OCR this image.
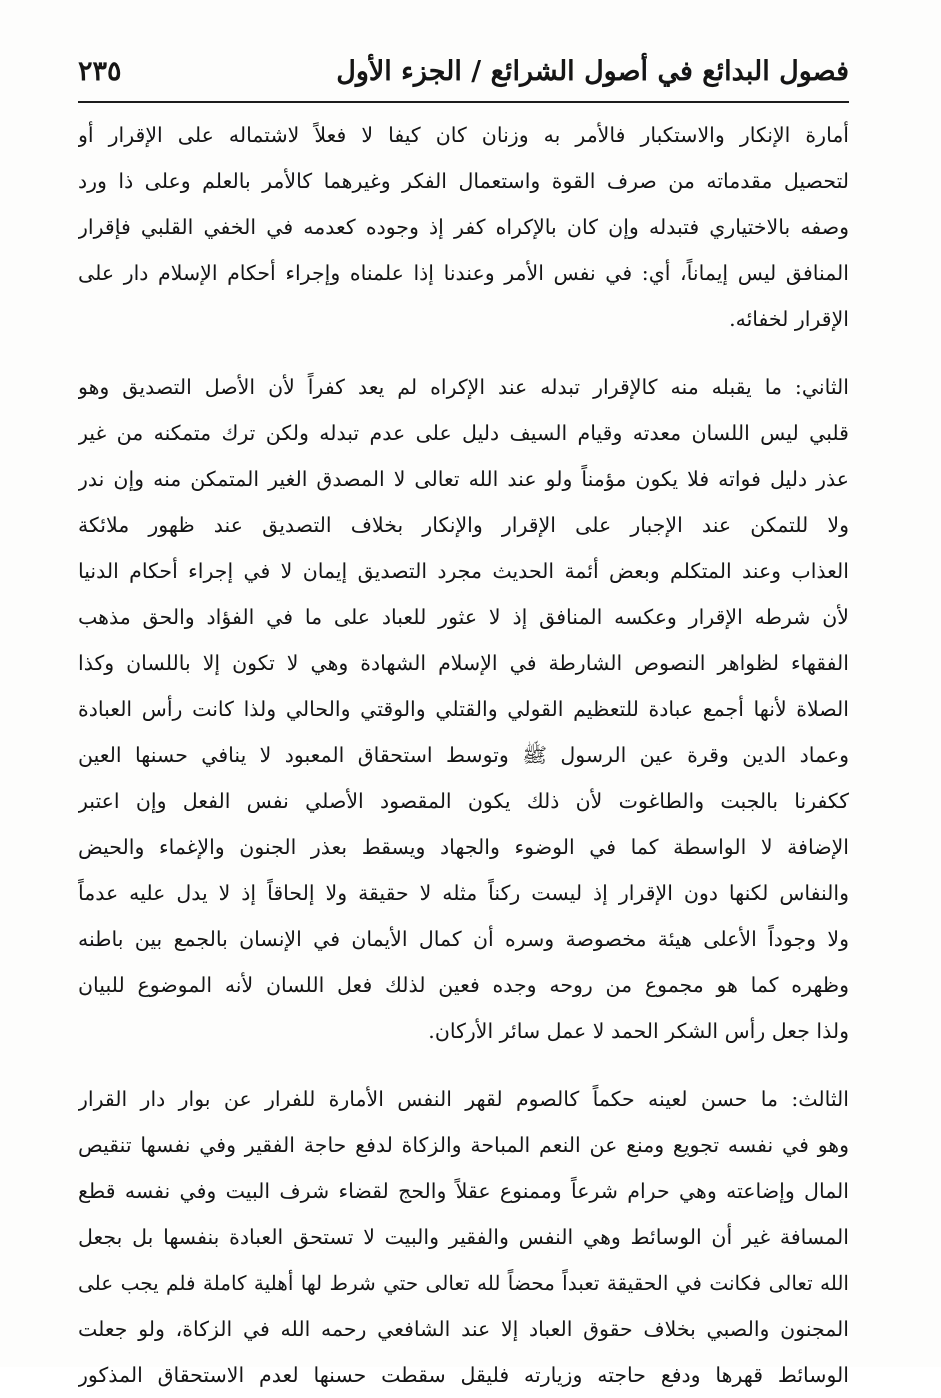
فصول البدائع في أصول الشرائع / الجزء الأول
٢٣٥
أمارة الإنكار والاستكبار فالأمر به وزنان كان كيفا لا فعلاً لاشتماله على الإقرار أو
لتحصيل مقدماته من صرف القوة واستعمال الفكر وغيرهما كالأمر بالعلم وعلى ذا ورد
وصفه بالاختياري فتبدله وإن كان بالإكراه كفر إذ وجوده كعدمه في الخفي القلبي فإقرار
المنافق ليس إيماناً، أي: في نفس الأمر وعندنا إذا علمناه وإجراء أحكام الإسلام دار على
الإقرار لخفائه.
الثاني: ما يقبله منه كالإقرار تبدله عند الإكراه لم يعد كفراً لأن الأصل التصديق وهو
قلبي ليس اللسان معدته وقيام السيف دليل على عدم تبدله ولكن ترك متمكنه من غير
عذر دليل فواته فلا يكون مؤمناً ولو عند الله تعالى لا المصدق الغير المتمكن منه وإن ندر
ولا للتمكن عند الإجبار على الإقرار والإنكار بخلاف التصديق عند ظهور ملائكة
العذاب وعند المتكلم وبعض أئمة الحديث مجرد التصديق إيمان لا في إجراء أحكام الدنيا
لأن شرطه الإقرار وعكسه المنافق إذ لا عثور للعباد على ما في الفؤاد والحق مذهب
الفقهاء لظواهر النصوص الشارطة في الإسلام الشهادة وهي لا تكون إلا باللسان وكذا
الصلاة لأنها أجمع عبادة للتعظيم القولي والقتلي والوقتي والحالي ولذا كانت رأس العبادة
وعماد الدين وقرة عين الرسول ﷺ وتوسط استحقاق المعبود لا ينافي حسنها العين
ككفرنا بالجبت والطاغوت لأن ذلك يكون المقصود الأصلي نفس الفعل وإن اعتبر
الإضافة لا الواسطة كما في الوضوء والجهاد ويسقط بعذر الجنون والإغماء والحيض
والنفاس لكنها دون الإقرار إذ ليست ركناً مثله لا حقيقة ولا إلحاقاً إذ لا يدل عليه عدماً
ولا وجوداً الأعلى هيئة مخصوصة وسره أن كمال الأيمان في الإنسان بالجمع بين باطنه
وظهره كما هو مجموع من روحه وجده فعين لذلك فعل اللسان لأنه الموضوع للبيان
ولذا جعل رأس الشكر الحمد لا عمل سائر الأركان.
الثالث: ما حسن لعينه حكماً كالصوم لقهر النفس الأمارة للفرار عن بوار دار القرار
وهو في نفسه تجويع ومنع عن النعم المباحة والزكاة لدفع حاجة الفقير وفي نفسها تنقيص
المال وإضاعته وهي حرام شرعاً وممنوع عقلاً والحج لقضاء شرف البيت وفي نفسه قطع
المسافة غير أن الوسائط وهي النفس والفقير والبيت لا تستحق العبادة بنفسها بل بجعل
الله تعالى فكانت في الحقيقة تعبداً محضاً لله تعالى حتي شرط لها أهلية كاملة فلم يجب على
المجنون والصبي بخلاف حقوق العباد إلا عند الشافعي رحمه الله في الزكاة، ولو جعلت
الوسائط قهرها ودفع حاجته وزيارته فليقل سقطت حسنها لعدم الاستحقاق المذكور
